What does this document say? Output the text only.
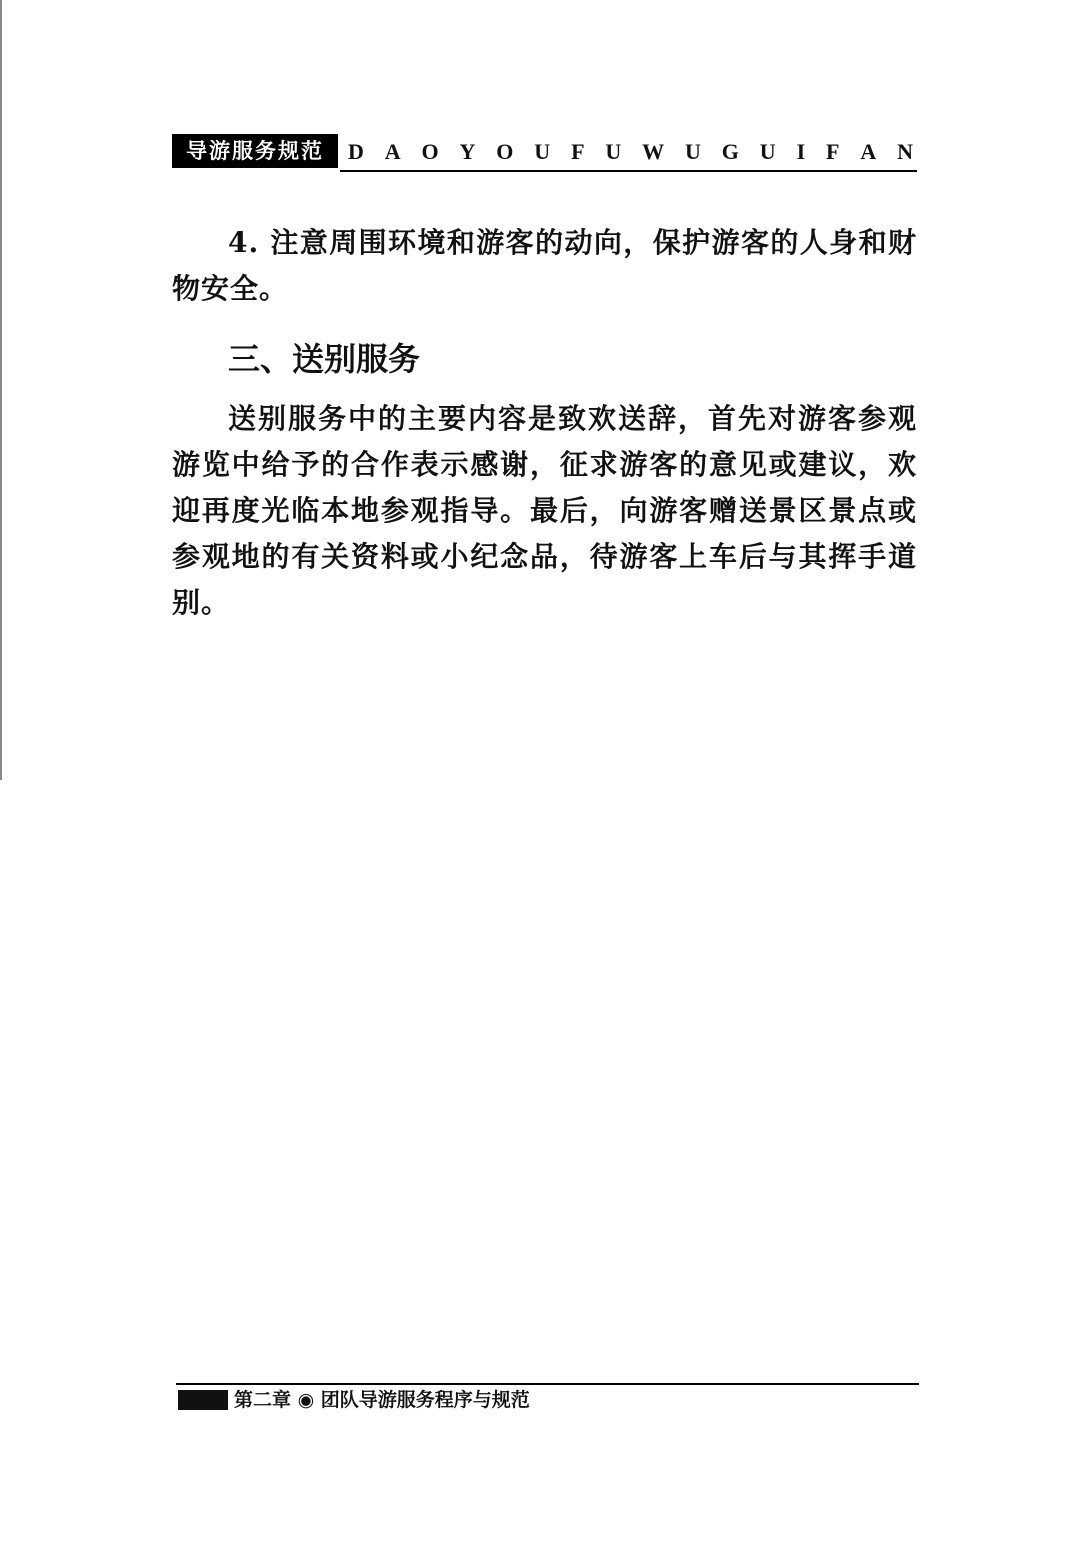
导游服务规范	D A O Y O U F U W U G U I F A N

4. 注意周围环境和游客的动向，保护游客的人身和财物安全。

三、送别服务

送别服务中的主要内容是致欢送辞，首先对游客参观游览中给予的合作表示感谢，征求游客的意见或建议，欢迎再度光临本地参观指导。最后，向游客赠送景区景点或参观地的有关资料或小纪念品，待游客上车后与其挥手道别。

第二章 ◉ 团队导游服务程序与规范
